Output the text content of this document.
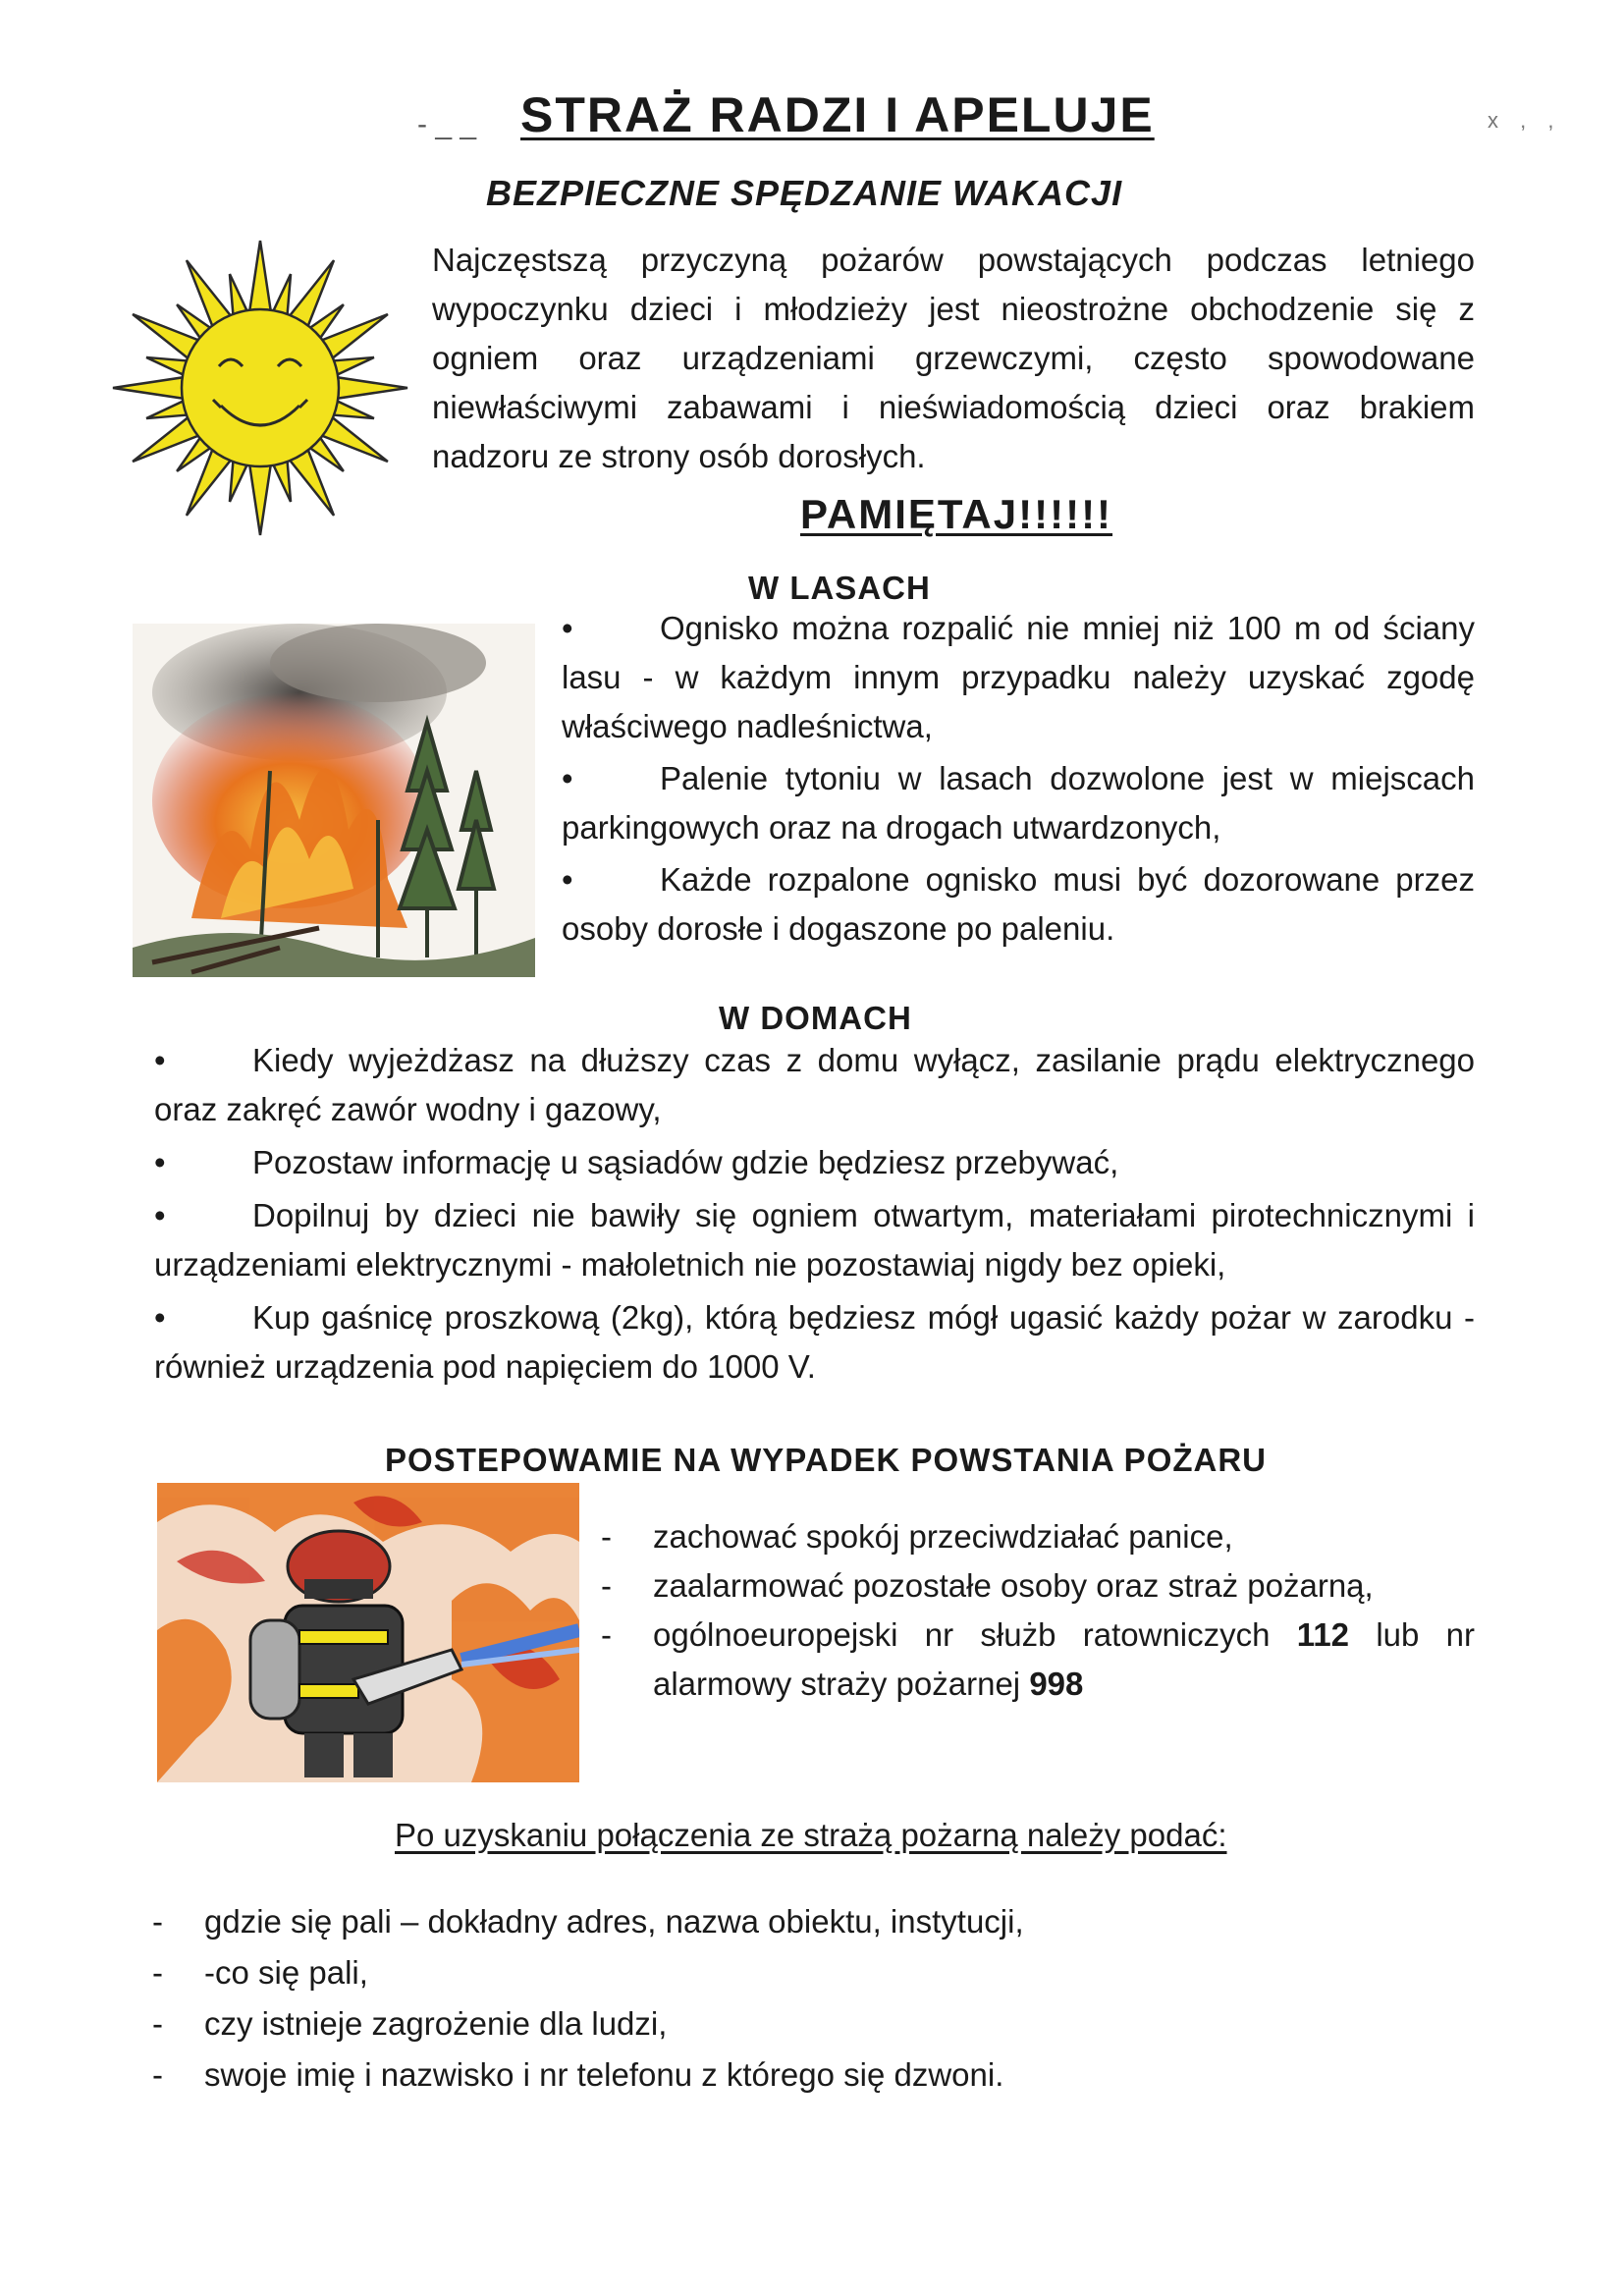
- _ _ STRAŻ RADZI I APELUJE
BEZPIECZNE SPĘDZANIE WAKACJI
x , ,
Najczęstszą przyczyną pożarów powstających podczas letniego wypoczynku dzieci i młodzieży jest nieostrożne obchodzenie się z ogniem oraz urządzeniami grzewczymi, często spowodowane niewłaściwymi zabawami i nieświadomością dzieci oraz brakiem nadzoru ze strony osób dorosłych.
PAMIĘTAJ!!!!!!
W LASACH
•	Ognisko można rozpalić nie mniej niż 100 m od ściany lasu - w każdym innym przypadku należy uzyskać zgodę właściwego nadleśnictwa,
•	Palenie tytoniu w lasach dozwolone jest w miejscach parkingowych oraz na drogach utwardzonych,
•	Każde rozpalone ognisko musi być dozorowane przez osoby dorosłe i dogaszone po paleniu.
W DOMACH
•	Kiedy wyjeżdżasz na dłuższy czas z domu wyłącz, zasilanie prądu elektrycznego oraz zakręć zawór wodny i gazowy,
•	Pozostaw informację u sąsiadów gdzie będziesz przebywać,
•	Dopilnuj by dzieci nie bawiły się ogniem otwartym, materiałami pirotechnicznymi i urządzeniami elektrycznymi - małoletnich nie pozostawiaj nigdy bez opieki,
•	Kup gaśnicę proszkową (2kg), którą będziesz mógł ugasić każdy pożar w zarodku - również urządzenia pod napięciem do 1000 V.
POSTEPOWAMIE NA WYPADEK POWSTANIA POŻARU
- zachować spokój przeciwdziałać panice,
- zaalarmować pozostałe osoby oraz straż pożarną,
- ogólnoeuropejski nr służb ratowniczych 112 lub nr alarmowy straży pożarnej 998
Po uzyskaniu połączenia ze strażą pożarną należy podać:
- gdzie się pali – dokładny adres, nazwa obiektu, instytucji,
- -co się pali,
- czy istnieje zagrożenie dla ludzi,
- swoje imię i nazwisko i nr telefonu z którego się dzwoni.
